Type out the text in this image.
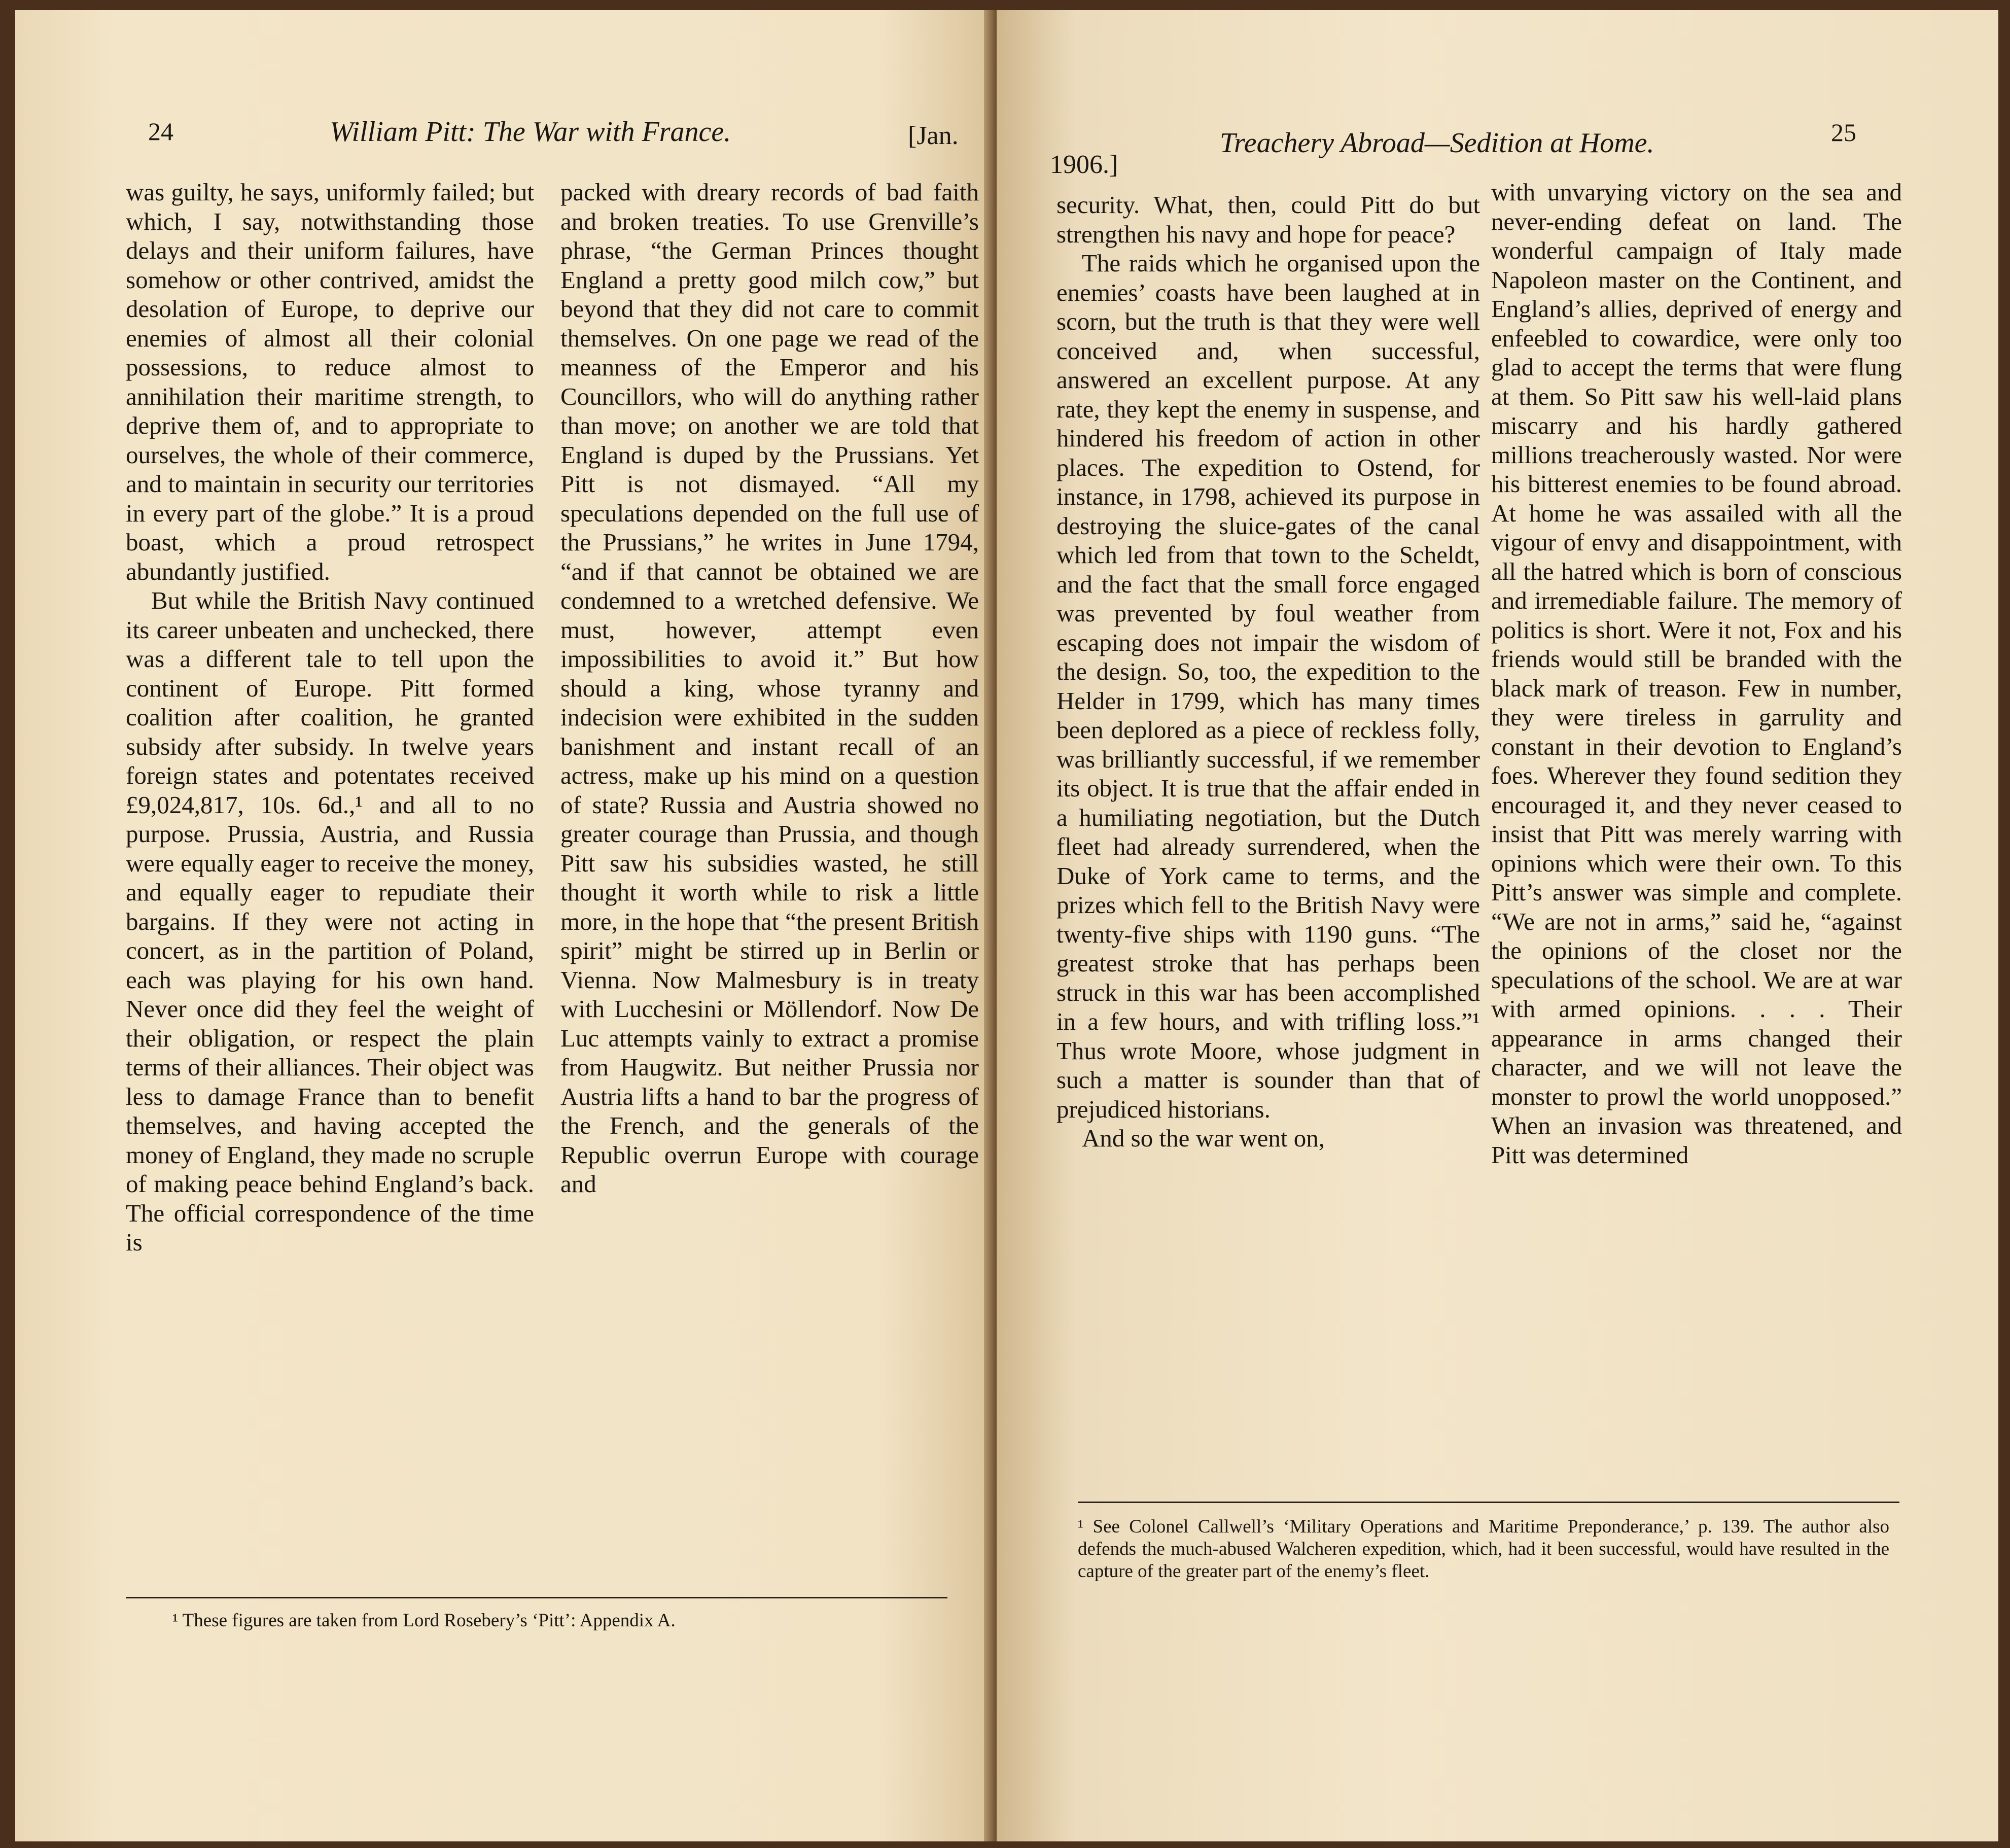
24	William Pitt: The War with France.	[Jan.

was guilty, he says, uniformly failed; but which, I say, notwithstanding those delays and their uniform failures, have somehow or other contrived, amidst the desolation of Europe, to deprive our enemies of almost all their colonial possessions, to reduce almost to annihilation their maritime strength, to deprive them of, and to appropriate to ourselves, the whole of their commerce, and to maintain in security our territories in every part of the globe.” It is a proud boast, which a proud retrospect abundantly justified.

But while the British Navy continued its career unbeaten and unchecked, there was a different tale to tell upon the continent of Europe. Pitt formed coalition after coalition, he granted subsidy after subsidy. In twelve years foreign states and potentates received £9,024,817, 10s. 6d.,¹ and all to no purpose. Prussia, Austria, and Russia were equally eager to receive the money, and equally eager to repudiate their bargains. If they were not acting in concert, as in the partition of Poland, each was playing for his own hand. Never once did they feel the weight of their obligation, or respect the plain terms of their alliances. Their object was less to damage France than to benefit themselves, and having accepted the money of England, they made no scruple of making peace behind England’s back. The official correspondence of the time is

packed with dreary records of bad faith and broken treaties. To use Grenville’s phrase, “the German Princes thought England a pretty good milch cow,” but beyond that they did not care to commit themselves. On one page we read of the meanness of the Emperor and his Councillors, who will do anything rather than move; on another we are told that England is duped by the Prussians. Yet Pitt is not dismayed. “All my speculations depended on the full use of the Prussians,” he writes in June 1794, “and if that cannot be obtained we are condemned to a wretched defensive. We must, however, attempt even impossibilities to avoid it.” But how should a king, whose tyranny and indecision were exhibited in the sudden banishment and instant recall of an actress, make up his mind on a question of state? Russia and Austria showed no greater courage than Prussia, and though Pitt saw his subsidies wasted, he still thought it worth while to risk a little more, in the hope that “the present British spirit” might be stirred up in Berlin or Vienna. Now Malmesbury is in treaty with Lucchesini or Möllendorf. Now De Luc attempts vainly to extract a promise from Haugwitz. But neither Prussia nor Austria lifts a hand to bar the progress of the French, and the generals of the Republic overrun Europe with courage and

¹ These figures are taken from Lord Rosebery’s ‘Pitt’: Appendix A.
1906.]
Treachery Abroad—Sedition at Home.	25

security. What, then, could Pitt do but strengthen his navy and hope for peace?

The raids which he organised upon the enemies’ coasts have been laughed at in scorn, but the truth is that they were well conceived and, when successful, answered an excellent purpose. At any rate, they kept the enemy in suspense, and hindered his freedom of action in other places. The expedition to Ostend, for instance, in 1798, achieved its purpose in destroying the sluice-gates of the canal which led from that town to the Scheldt, and the fact that the small force engaged was prevented by foul weather from escaping does not impair the wisdom of the design. So, too, the expedition to the Helder in 1799, which has many times been deplored as a piece of reckless folly, was brilliantly successful, if we remember its object. It is true that the affair ended in a humiliating negotiation, but the Dutch fleet had already surrendered, when the Duke of York came to terms, and the prizes which fell to the British Navy were twenty-five ships with 1190 guns. “The greatest stroke that has perhaps been struck in this war has been accomplished in a few hours, and with trifling loss.”¹ Thus wrote Moore, whose judgment in such a matter is sounder than that of prejudiced historians.

And so the war went on,

with unvarying victory on the sea and never-ending defeat on land. The wonderful campaign of Italy made Napoleon master on the Continent, and England’s allies, deprived of energy and enfeebled to cowardice, were only too glad to accept the terms that were flung at them. So Pitt saw his well-laid plans miscarry and his hardly gathered millions treacherously wasted. Nor were his bitterest enemies to be found abroad. At home he was assailed with all the vigour of envy and disappointment, with all the hatred which is born of conscious and irremediable failure. The memory of politics is short. Were it not, Fox and his friends would still be branded with the black mark of treason. Few in number, they were tireless in garrulity and constant in their devotion to England’s foes. Wherever they found sedition they encouraged it, and they never ceased to insist that Pitt was merely warring with opinions which were their own. To this Pitt’s answer was simple and complete. “We are not in arms,” said he, “against the opinions of the closet nor the speculations of the school. We are at war with armed opinions. . . . Their appearance in arms changed their character, and we will not leave the monster to prowl the world unopposed.” When an invasion was threatened, and Pitt was determined

¹ See Colonel Callwell’s ‘Military Operations and Maritime Preponderance,’ p. 139. The author also defends the much-abused Walcheren expedition, which, had it been successful, would have resulted in the capture of the greater part of the enemy’s fleet.
